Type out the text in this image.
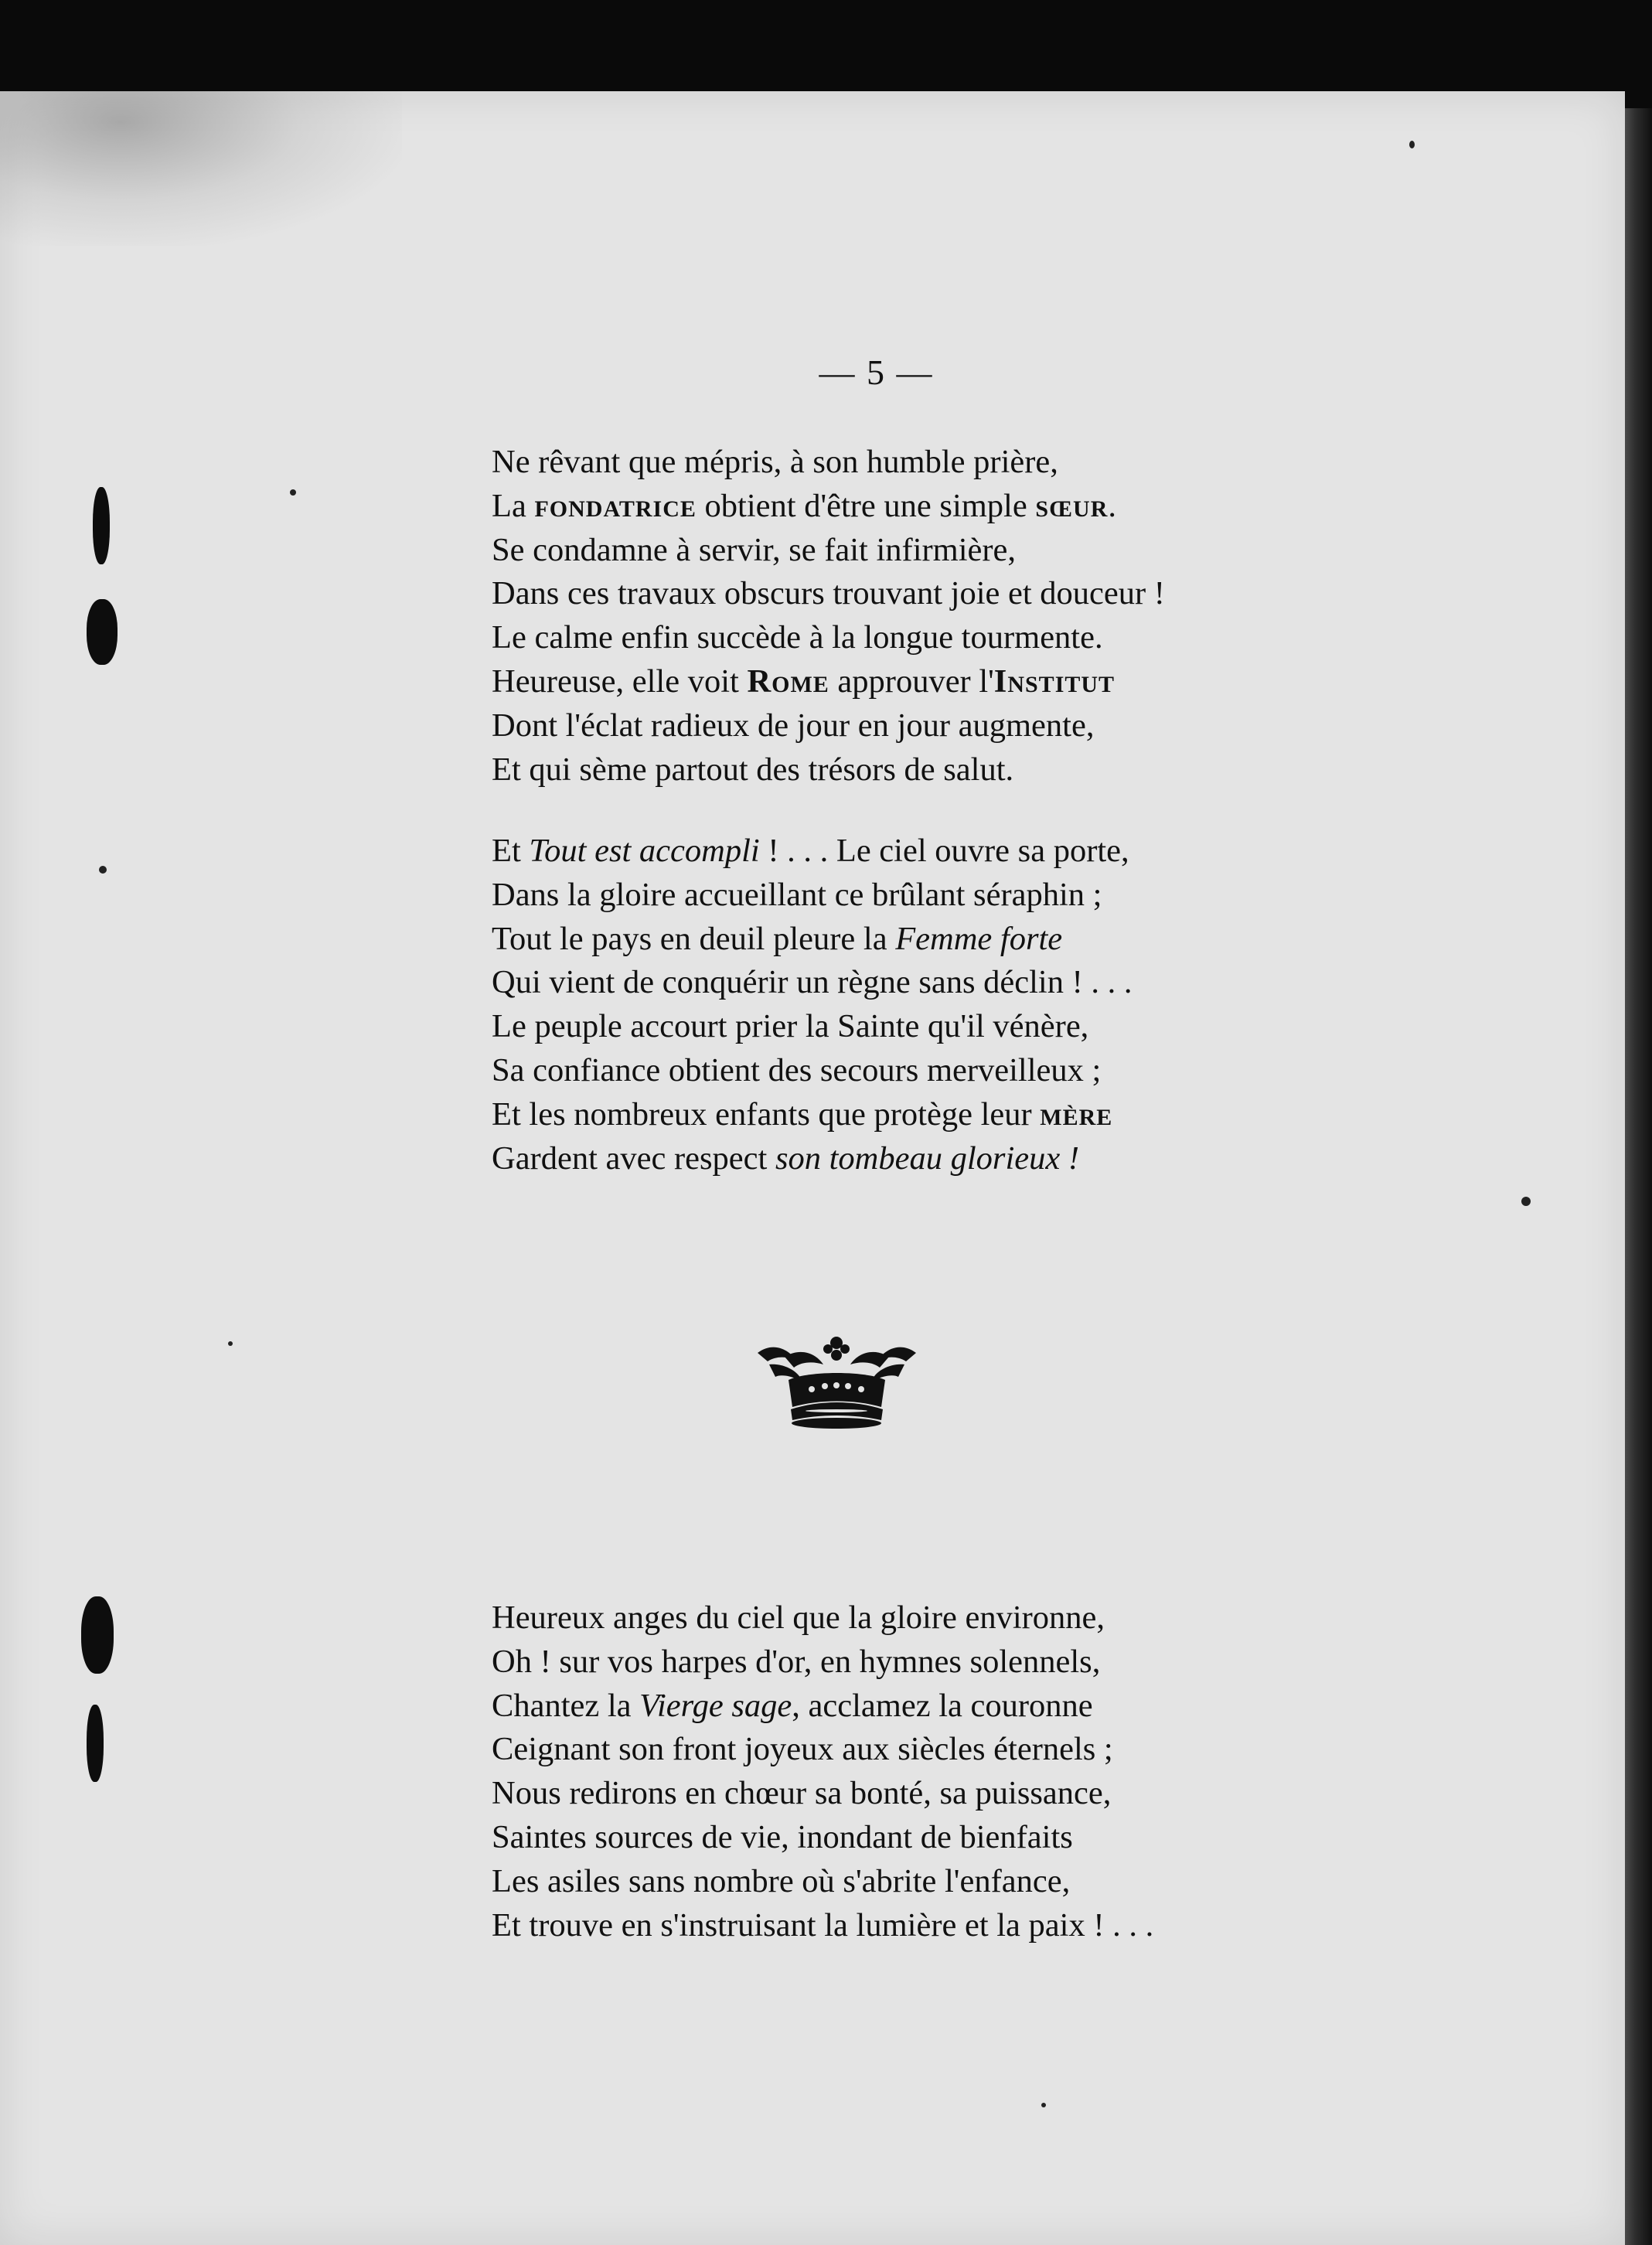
— 5 —
Ne rêvant que mépris, à son humble prière,
La fondatrice obtient d'être une simple sœur.
Se condamne à servir, se fait infirmière,
Dans ces travaux obscurs trouvant joie et douceur !
Le calme enfin succède à la longue tourmente.
Heureuse, elle voit Rome approuver l'Institut
Dont l'éclat radieux de jour en jour augmente,
Et qui sème partout des trésors de salut.
Et Tout est accompli ! . . . Le ciel ouvre sa porte,
Dans la gloire accueillant ce brûlant séraphin ;
Tout le pays en deuil pleure la Femme forte
Qui vient de conquérir un règne sans déclin ! . . .
Le peuple accourt prier la Sainte qu'il vénère,
Sa confiance obtient des secours merveilleux ;
Et les nombreux enfants que protège leur mère
Gardent avec respect son tombeau glorieux !
Heureux anges du ciel que la gloire environne,
Oh ! sur vos harpes d'or, en hymnes solennels,
Chantez la Vierge sage, acclamez la couronne
Ceignant son front joyeux aux siècles éternels ;
Nous redirons en chœur sa bonté, sa puissance,
Saintes sources de vie, inondant de bienfaits
Les asiles sans nombre où s'abrite l'enfance,
Et trouve en s'instruisant la lumière et la paix ! . . .
